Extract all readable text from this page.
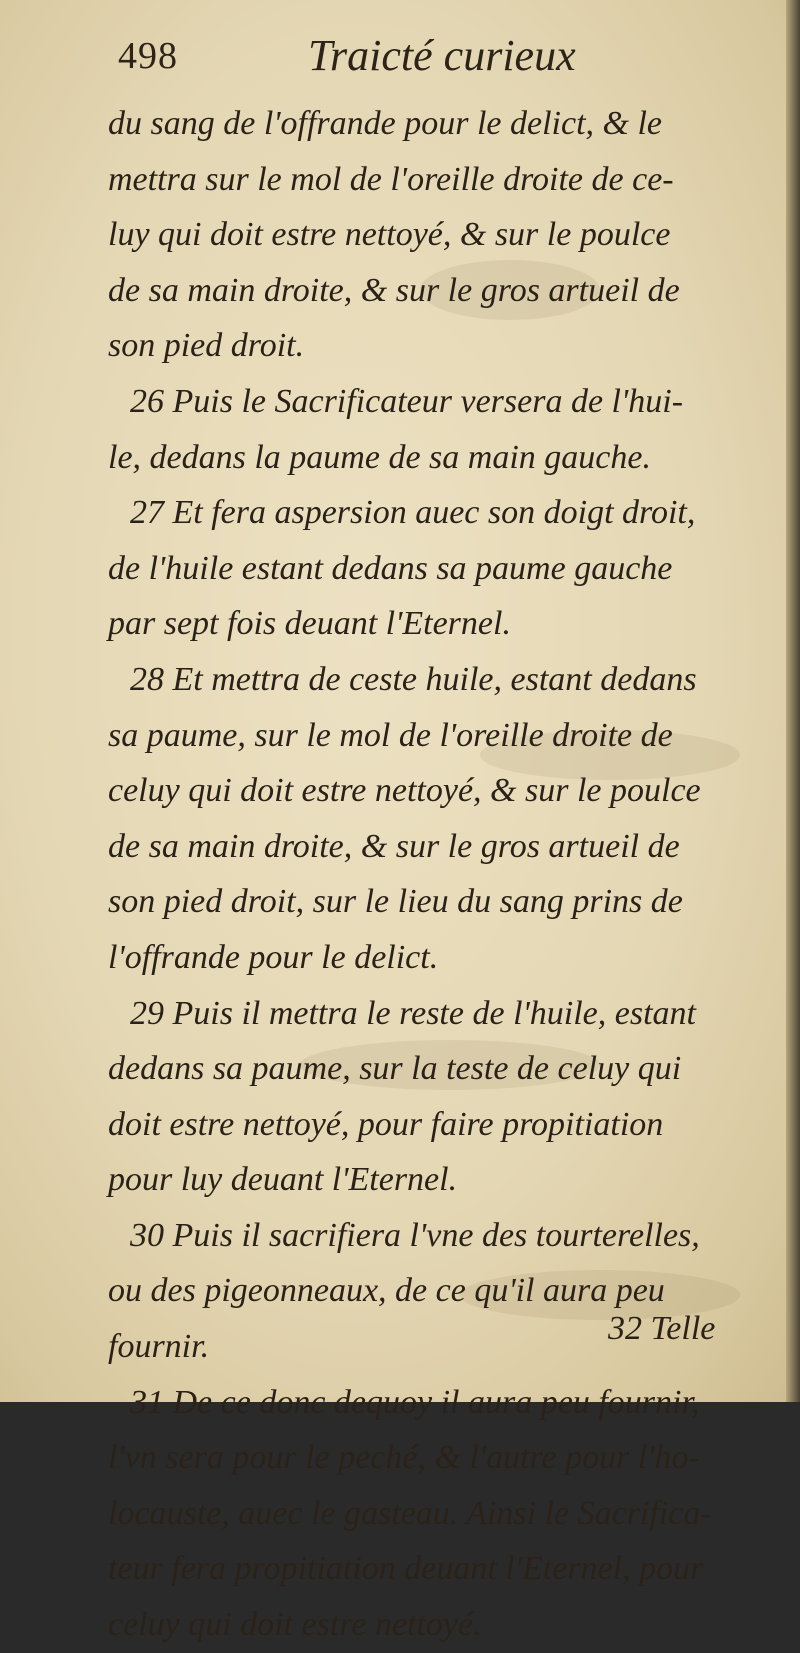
498	Traicté curieux
du sang de l'offrande pour le delict, & le
mettra sur le mol de l'oreille droite de ce-
luy qui doit estre nettoyé, & sur le poulce
de sa main droite, & sur le gros artueil de
son pied droit.
26 Puis le Sacrificateur versera de l'hui-
le, dedans la paume de sa main gauche.
27 Et fera aspersion auec son doigt droit,
de l'huile estant dedans sa paume gauche
par sept fois deuant l'Eternel.
28 Et mettra de ceste huile, estant dedans
sa paume, sur le mol de l'oreille droite de
celuy qui doit estre nettoyé, & sur le poulce
de sa main droite, & sur le gros artueil de
son pied droit, sur le lieu du sang prins de
l'offrande pour le delict.
29 Puis il mettra le reste de l'huile, estant
dedans sa paume, sur la teste de celuy qui
doit estre nettoyé, pour faire propitiation
pour luy deuant l'Eternel.
30 Puis il sacrifiera l'vne des tourterelles,
ou des pigeonneaux, de ce qu'il aura peu
fournir.
31 De ce donc dequoy il aura peu fournir,
l'vn sera pour le peché, & l'autre pour l'ho-
locauste, auec le gasteau. Ainsi le Sacrifica-
teur fera propitiation deuant l'Eternel, pour
celuy qui doit estre nettoyé.
32 Telle
